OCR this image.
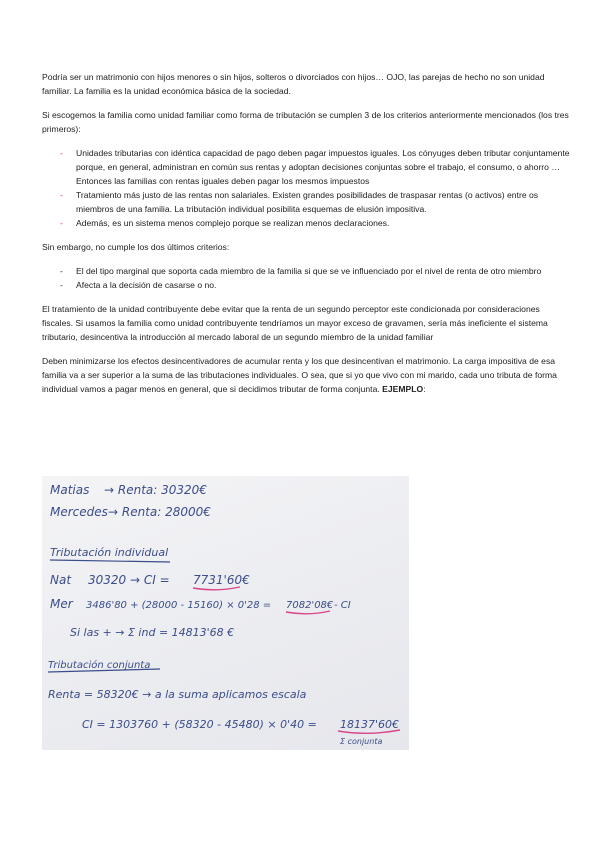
Podría ser un matrimonio con hijos menores o sin hijos, solteros o divorciados con hijos… OJO, las parejas de hecho no son unidad familiar. La familia es la unidad económica básica de la sociedad.

Si escogemos la familia como unidad familiar como forma de tributación se cumplen 3 de los criterios anteriormente mencionados (los tres primeros):

- Unidades tributarias con idéntica capacidad de pago deben pagar impuestos iguales. Los cónyuges deben tributar conjuntamente porque, en general, administran en común sus rentas y adoptan decisiones conjuntas sobre el trabajo, el consumo, o ahorro … Entonces las familias con rentas iguales deben pagar los mesmos impuestos
- Tratamiento más justo de las rentas non salariales. Existen grandes posibilidades de traspasar rentas (o activos) entre os miembros de una familia. La tributación individual posibilita esquemas de elusión impositiva.
- Además, es un sistema menos complejo porque se realizan menos declaraciones.

Sin embargo, no cumple los dos últimos criterios:

- El del tipo marginal que soporta cada miembro de la familia si que se ve influenciado por el nivel de renta de otro miembro
- Afecta a la decisión de casarse o no.

El tratamiento de la unidad contribuyente debe evitar que la renta de un segundo perceptor este condicionada por consideraciones fiscales. Si usamos la familia como unidad contribuyente tendríamos un mayor exceso de gravamen, sería más ineficiente el sistema tributario, desincentiva la introducción al mercado laboral de un segundo miembro de la unidad familiar

Deben minimizarse los efectos desincentivadores de acumular renta y los que desincentivan el matrimonio. La carga impositiva de esa familia va a ser superior a la suma de las tributaciones individuales. O sea, que si yo que vivo con mi marido, cada uno tributa de forma individual vamos a pagar menos en general, que si decidimos tributar de forma conjunta. EJEMPLO:

Matias → Renta: 30320€
Mercedes → Renta: 28000€
Tributación individual
Nat 30320 → CI = 7731'60€
Mer 3486'80 + (28000 - 15160) × 0'28 = 7082'08€ - CI
Si las + → Σ ind = 14813'68 €
Tributación conjunta
Renta = 58320€ → a la suma aplicamos escala
CI = 1303760 + (58320 - 45480) × 0'40 = 18137'60€
Σ conjunta
